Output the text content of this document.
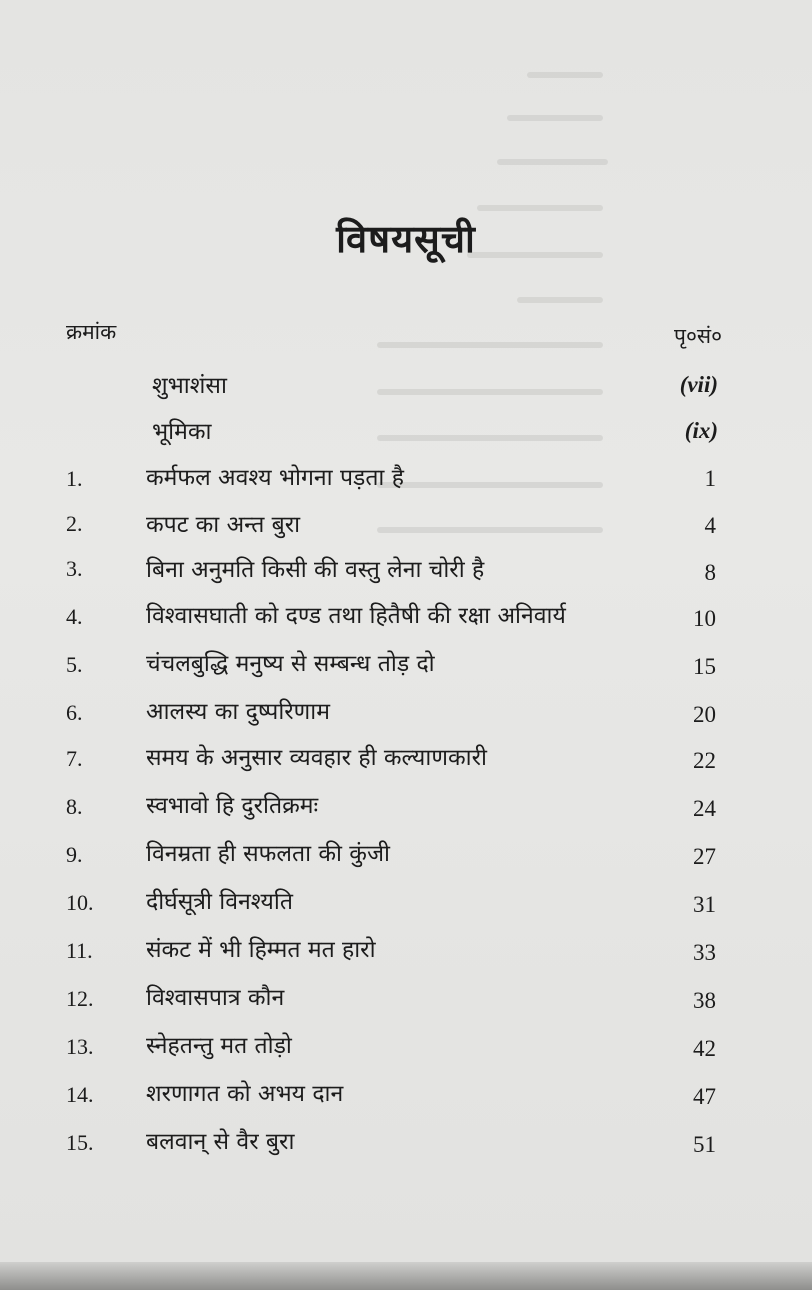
विषयसूची
क्रमांक	पृ०सं०
शुभाशंसा	(vii)
भूमिका	(ix)
1.	कर्मफल अवश्य भोगना पड़ता है	1
2.	कपट का अन्त बुरा	4
3.	बिना अनुमति किसी की वस्तु लेना चोरी है	8
4.	विश्वासघाती को दण्ड तथा हितैषी की रक्षा अनिवार्य	10
5.	चंचलबुद्धि मनुष्य से सम्बन्ध तोड़ दो	15
6.	आलस्य का दुष्परिणाम	20
7.	समय के अनुसार व्यवहार ही कल्याणकारी	22
8.	स्वभावो हि दुरतिक्रमः	24
9.	विनम्रता ही सफलता की कुंजी	27
10. दीर्घसूत्री विनश्यति	31
11. संकट में भी हिम्मत मत हारो	33
12. विश्वासपात्र कौन	38
13. स्नेहतन्तु मत तोड़ो	42
14. शरणागत को अभय दान	47
15. बलवान् से वैर बुरा	51
